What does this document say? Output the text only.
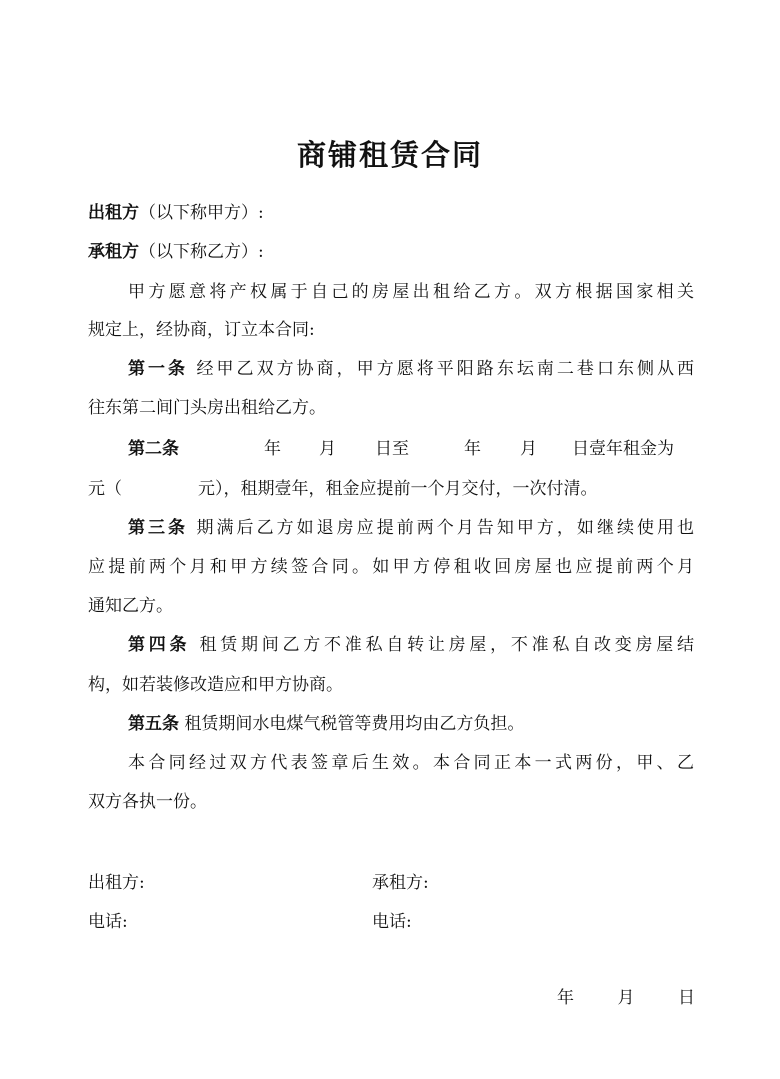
商铺租赁合同
出租方（以下称甲方）:
承租方（以下称乙方）:
甲方愿意将产权属于自己的房屋出租给乙方。双方根据国家相关
规定上，经协商，订立本合同:
第一条 经甲乙双方协商，甲方愿将平阳路东坛南二巷口东侧从西
往东第二间门头房出租给乙方。
第二条	年 月 日至	年 月 日壹年租金为
元（	元），租期壹年，租金应提前一个月交付，一次付清。
第三条 期满后乙方如退房应提前两个月告知甲方，如继续使用也
应提前两个月和甲方续签合同。如甲方停租收回房屋也应提前两个月
通知乙方。
第四条 租赁期间乙方不准私自转让房屋，不准私自改变房屋结
构，如若装修改造应和甲方协商。
第五条 租赁期间水电煤气税管等费用均由乙方负担。
本合同经过双方代表签章后生效。本合同正本一式两份，甲、乙
双方各执一份。
出租方:	承租方:
电话:	电话:
年	月	日
